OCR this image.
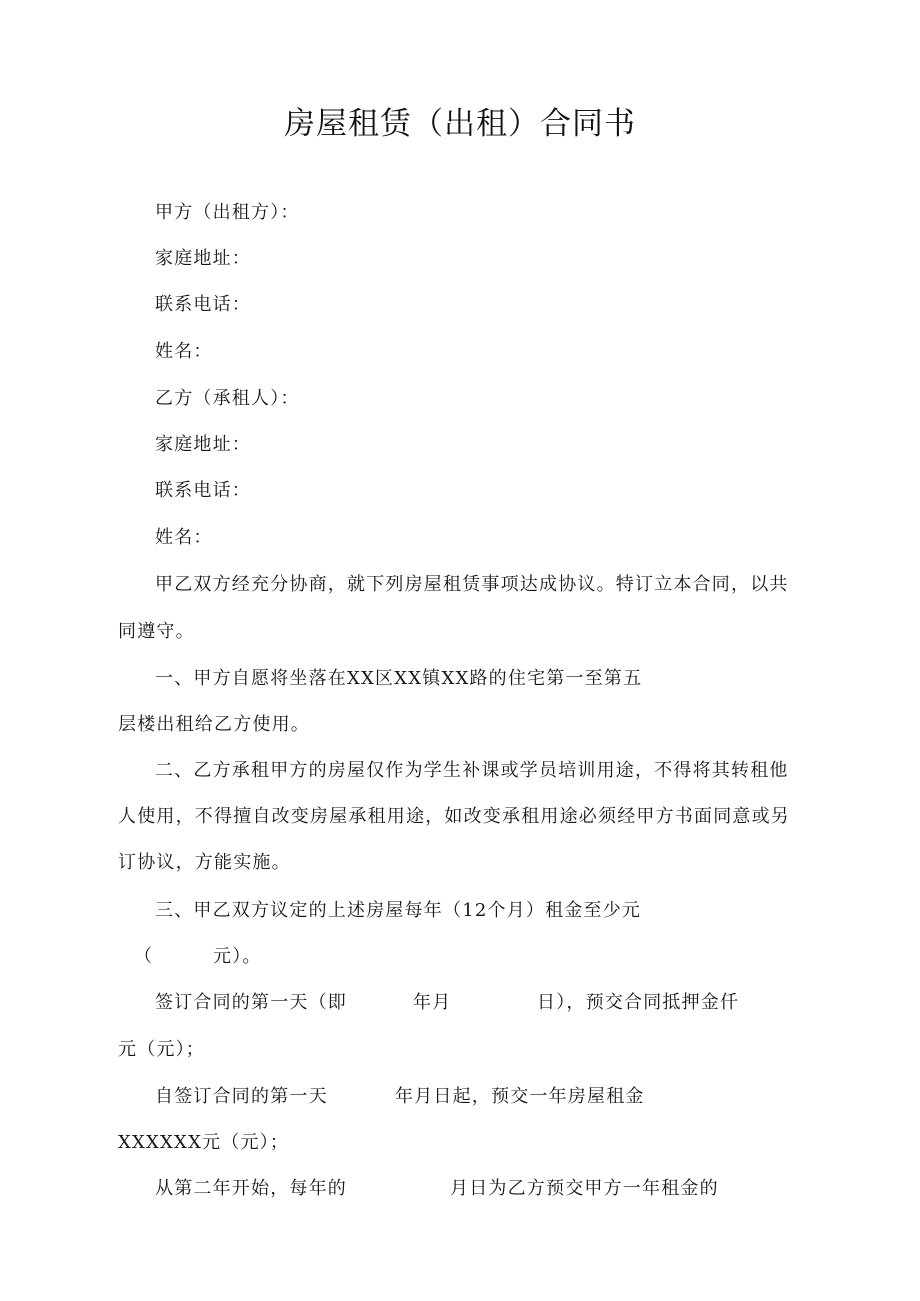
房屋租赁（出租）合同书
甲方（出租方）：
家庭地址：
联系电话：
姓名：
乙方（承租人）：
家庭地址：
联系电话：
姓名：
甲乙双方经充分协商，就下列房屋租赁事项达成协议。特订立本合同，以共
同遵守。
一、甲方自愿将坐落在XX区XX镇XX路的住宅第一至第五
层楼出租给乙方使用。
二、乙方承租甲方的房屋仅作为学生补课或学员培训用途，不得将其转租他
人使用，不得擅自改变房屋承租用途，如改变承租用途必须经甲方书面同意或另
订协议，方能实施。
三、甲乙双方议定的上述房屋每年（12个月）租金至少元
（	元）。
签订合同的第一天（即	年月	日），预交合同抵押金仟
元（元）；
自签订合同的第一天	年月日起，预交一年房屋租金
XXXXXX元（元）；
从第二年开始，每年的	月日为乙方预交甲方一年租金的
